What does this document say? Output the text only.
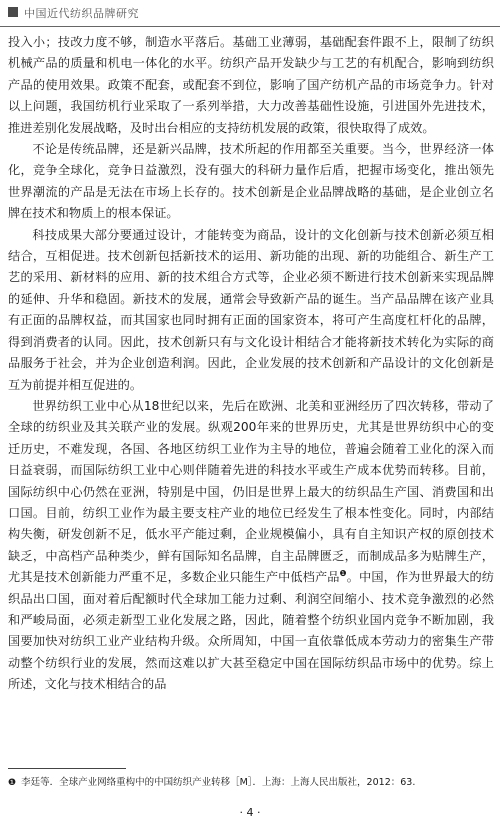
中国近代纺织品牌研究

投入小；技改力度不够，制造水平落后。基础工业薄弱，基础配套件跟不上，限制了纺织机械产品的质量和机电一体化的水平。纺织产品开发缺少与工艺的有机配合，影响到纺织产品的使用效果。政策不配套，或配套不到位，影响了国产纺机产品的市场竞争力。针对以上问题，我国纺机行业采取了一系列举措，大力改善基础性设施，引进国外先进技术，推进差别化发展战略，及时出台相应的支持纺机发展的政策，很快取得了成效。

不论是传统品牌，还是新兴品牌，技术所起的作用都至关重要。当今，世界经济一体化，竞争全球化，竞争日益激烈，没有强大的科研力量作后盾，把握市场变化，推出领先世界潮流的产品是无法在市场上长存的。技术创新是企业品牌战略的基础，是企业创立名牌在技术和物质上的根本保证。

科技成果大部分要通过设计，才能转变为商品，设计的文化创新与技术创新必须互相结合，互相促进。技术创新包括新技术的运用、新功能的出现、新的功能组合、新生产工艺的采用、新材料的应用、新的技术组合方式等，企业必须不断进行技术创新来实现品牌的延伸、升华和稳固。新技术的发展，通常会导致新产品的诞生。当产品品牌在该产业具有正面的品牌权益，而其国家也同时拥有正面的国家资本，将可产生高度杠杆化的品牌，得到消费者的认同。因此，技术创新只有与文化设计相结合才能将新技术转化为实际的商品服务于社会，并为企业创造利润。因此，企业发展的技术创新和产品设计的文化创新是互为前提并相互促进的。

世界纺织工业中心从18世纪以来，先后在欧洲、北美和亚洲经历了四次转移，带动了全球的纺织业及其关联产业的发展。纵观200年来的世界历史，尤其是世界纺织中心的变迁历史，不难发现，各国、各地区纺织工业作为主导的地位，普遍会随着工业化的深入而日益衰弱，而国际纺织工业中心则伴随着先进的科技水平或生产成本优势而转移。目前，国际纺织中心仍然在亚洲，特别是中国，仍旧是世界上最大的纺织品生产国、消费国和出口国。目前，纺织工业作为最主要支柱产业的地位已经发生了根本性变化。同时，内部结构失衡，研发创新不足，低水平产能过剩，企业规模偏小，具有自主知识产权的原创技术缺乏，中高档产品种类少，鲜有国际知名品牌，自主品牌匮乏，而制成品多为贴牌生产，尤其是技术创新能力严重不足，多数企业只能生产中低档产品$^❶$。中国，作为世界最大的纺织品出口国，面对着后配额时代全球加工能力过剩、利润空间缩小、技术竞争激烈的必然和严峻局面，必须走新型工业化发展之路，因此，随着整个纺织业国内竞争不断加剧，我国要加快对纺织工业产业结构升级。众所周知，中国一直依靠低成本劳动力的密集生产带动整个纺织行业的发展，然而这难以扩大甚至稳定中国在国际纺织品市场中的优势。综上所述，文化与技术相结合的品

❶ 李廷等．全球产业网络重构中的中国纺织产业转移［M］．上海：上海人民出版社，2012：63.
· 4 ·
